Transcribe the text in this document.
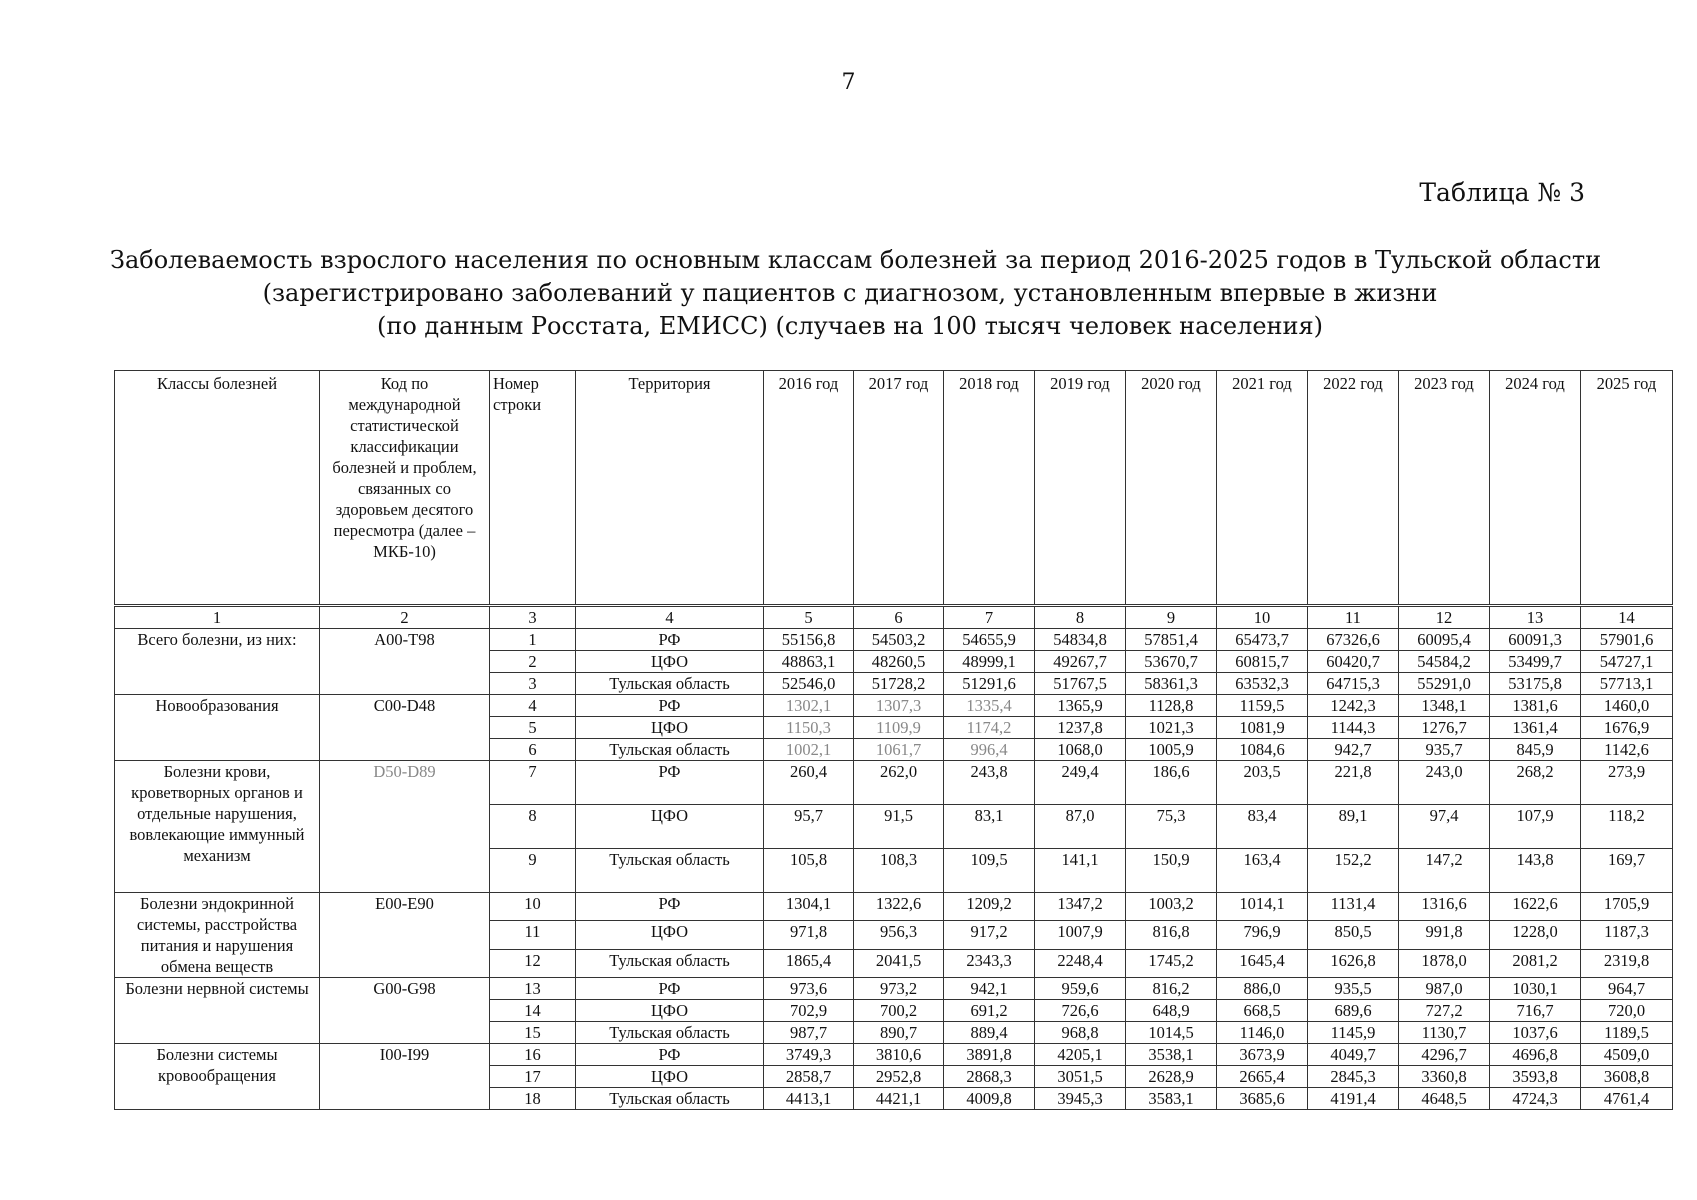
7
Таблица № 3
Заболеваемость взрослого населения по основным классам болезней за период 2016-2025 годов в Тульской области
(зарегистрировано заболеваний у пациентов с диагнозом, установленным впервые в жизни
(по данным Росстата, ЕМИСС) (случаев на 100 тысяч человек населения)
Классы болезней	Код по международной статистической классификации болезней и проблем, связанных со здоровьем десятого пересмотра (далее – МКБ-10)	Номер строки	Территория	2016 год	2017 год	2018 год	2019 год	2020 год	2021 год	2022 год	2023 год	2024 год	2025 год
1	2	3	4	5	6	7	8	9	10	11	12	13	14
Всего болезни, из них:	A00-T98	1	РФ	55156,8	54503,2	54655,9	54834,8	57851,4	65473,7	67326,6	60095,4	60091,3	57901,6
		2	ЦФО	48863,1	48260,5	48999,1	49267,7	53670,7	60815,7	60420,7	54584,2	53499,7	54727,1
		3	Тульская область	52546,0	51728,2	51291,6	51767,5	58361,3	63532,3	64715,3	55291,0	53175,8	57713,1
Новообразования	C00-D48	4	РФ	1302,1	1307,3	1335,4	1365,9	1128,8	1159,5	1242,3	1348,1	1381,6	1460,0
		5	ЦФО	1150,3	1109,9	1174,2	1237,8	1021,3	1081,9	1144,3	1276,7	1361,4	1676,9
		6	Тульская область	1002,1	1061,7	996,4	1068,0	1005,9	1084,6	942,7	935,7	845,9	1142,6
Болезни крови, кроветворных органов и отдельные нарушения, вовлекающие иммунный механизм	D50-D89	7	РФ	260,4	262,0	243,8	249,4	186,6	203,5	221,8	243,0	268,2	273,9
		8	ЦФО	95,7	91,5	83,1	87,0	75,3	83,4	89,1	97,4	107,9	118,2
		9	Тульская область	105,8	108,3	109,5	141,1	150,9	163,4	152,2	147,2	143,8	169,7
Болезни эндокринной системы, расстройства питания и нарушения обмена веществ	E00-E90	10	РФ	1304,1	1322,6	1209,2	1347,2	1003,2	1014,1	1131,4	1316,6	1622,6	1705,9
		11	ЦФО	971,8	956,3	917,2	1007,9	816,8	796,9	850,5	991,8	1228,0	1187,3
		12	Тульская область	1865,4	2041,5	2343,3	2248,4	1745,2	1645,4	1626,8	1878,0	2081,2	2319,8
Болезни нервной системы	G00-G98	13	РФ	973,6	973,2	942,1	959,6	816,2	886,0	935,5	987,0	1030,1	964,7
		14	ЦФО	702,9	700,2	691,2	726,6	648,9	668,5	689,6	727,2	716,7	720,0
		15	Тульская область	987,7	890,7	889,4	968,8	1014,5	1146,0	1145,9	1130,7	1037,6	1189,5
Болезни системы кровообращения	I00-I99	16	РФ	3749,3	3810,6	3891,8	4205,1	3538,1	3673,9	4049,7	4296,7	4696,8	4509,0
		17	ЦФО	2858,7	2952,8	2868,3	3051,5	2628,9	2665,4	2845,3	3360,8	3593,8	3608,8
		18	Тульская область	4413,1	4421,1	4009,8	3945,3	3583,1	3685,6	4191,4	4648,5	4724,3	4761,4
